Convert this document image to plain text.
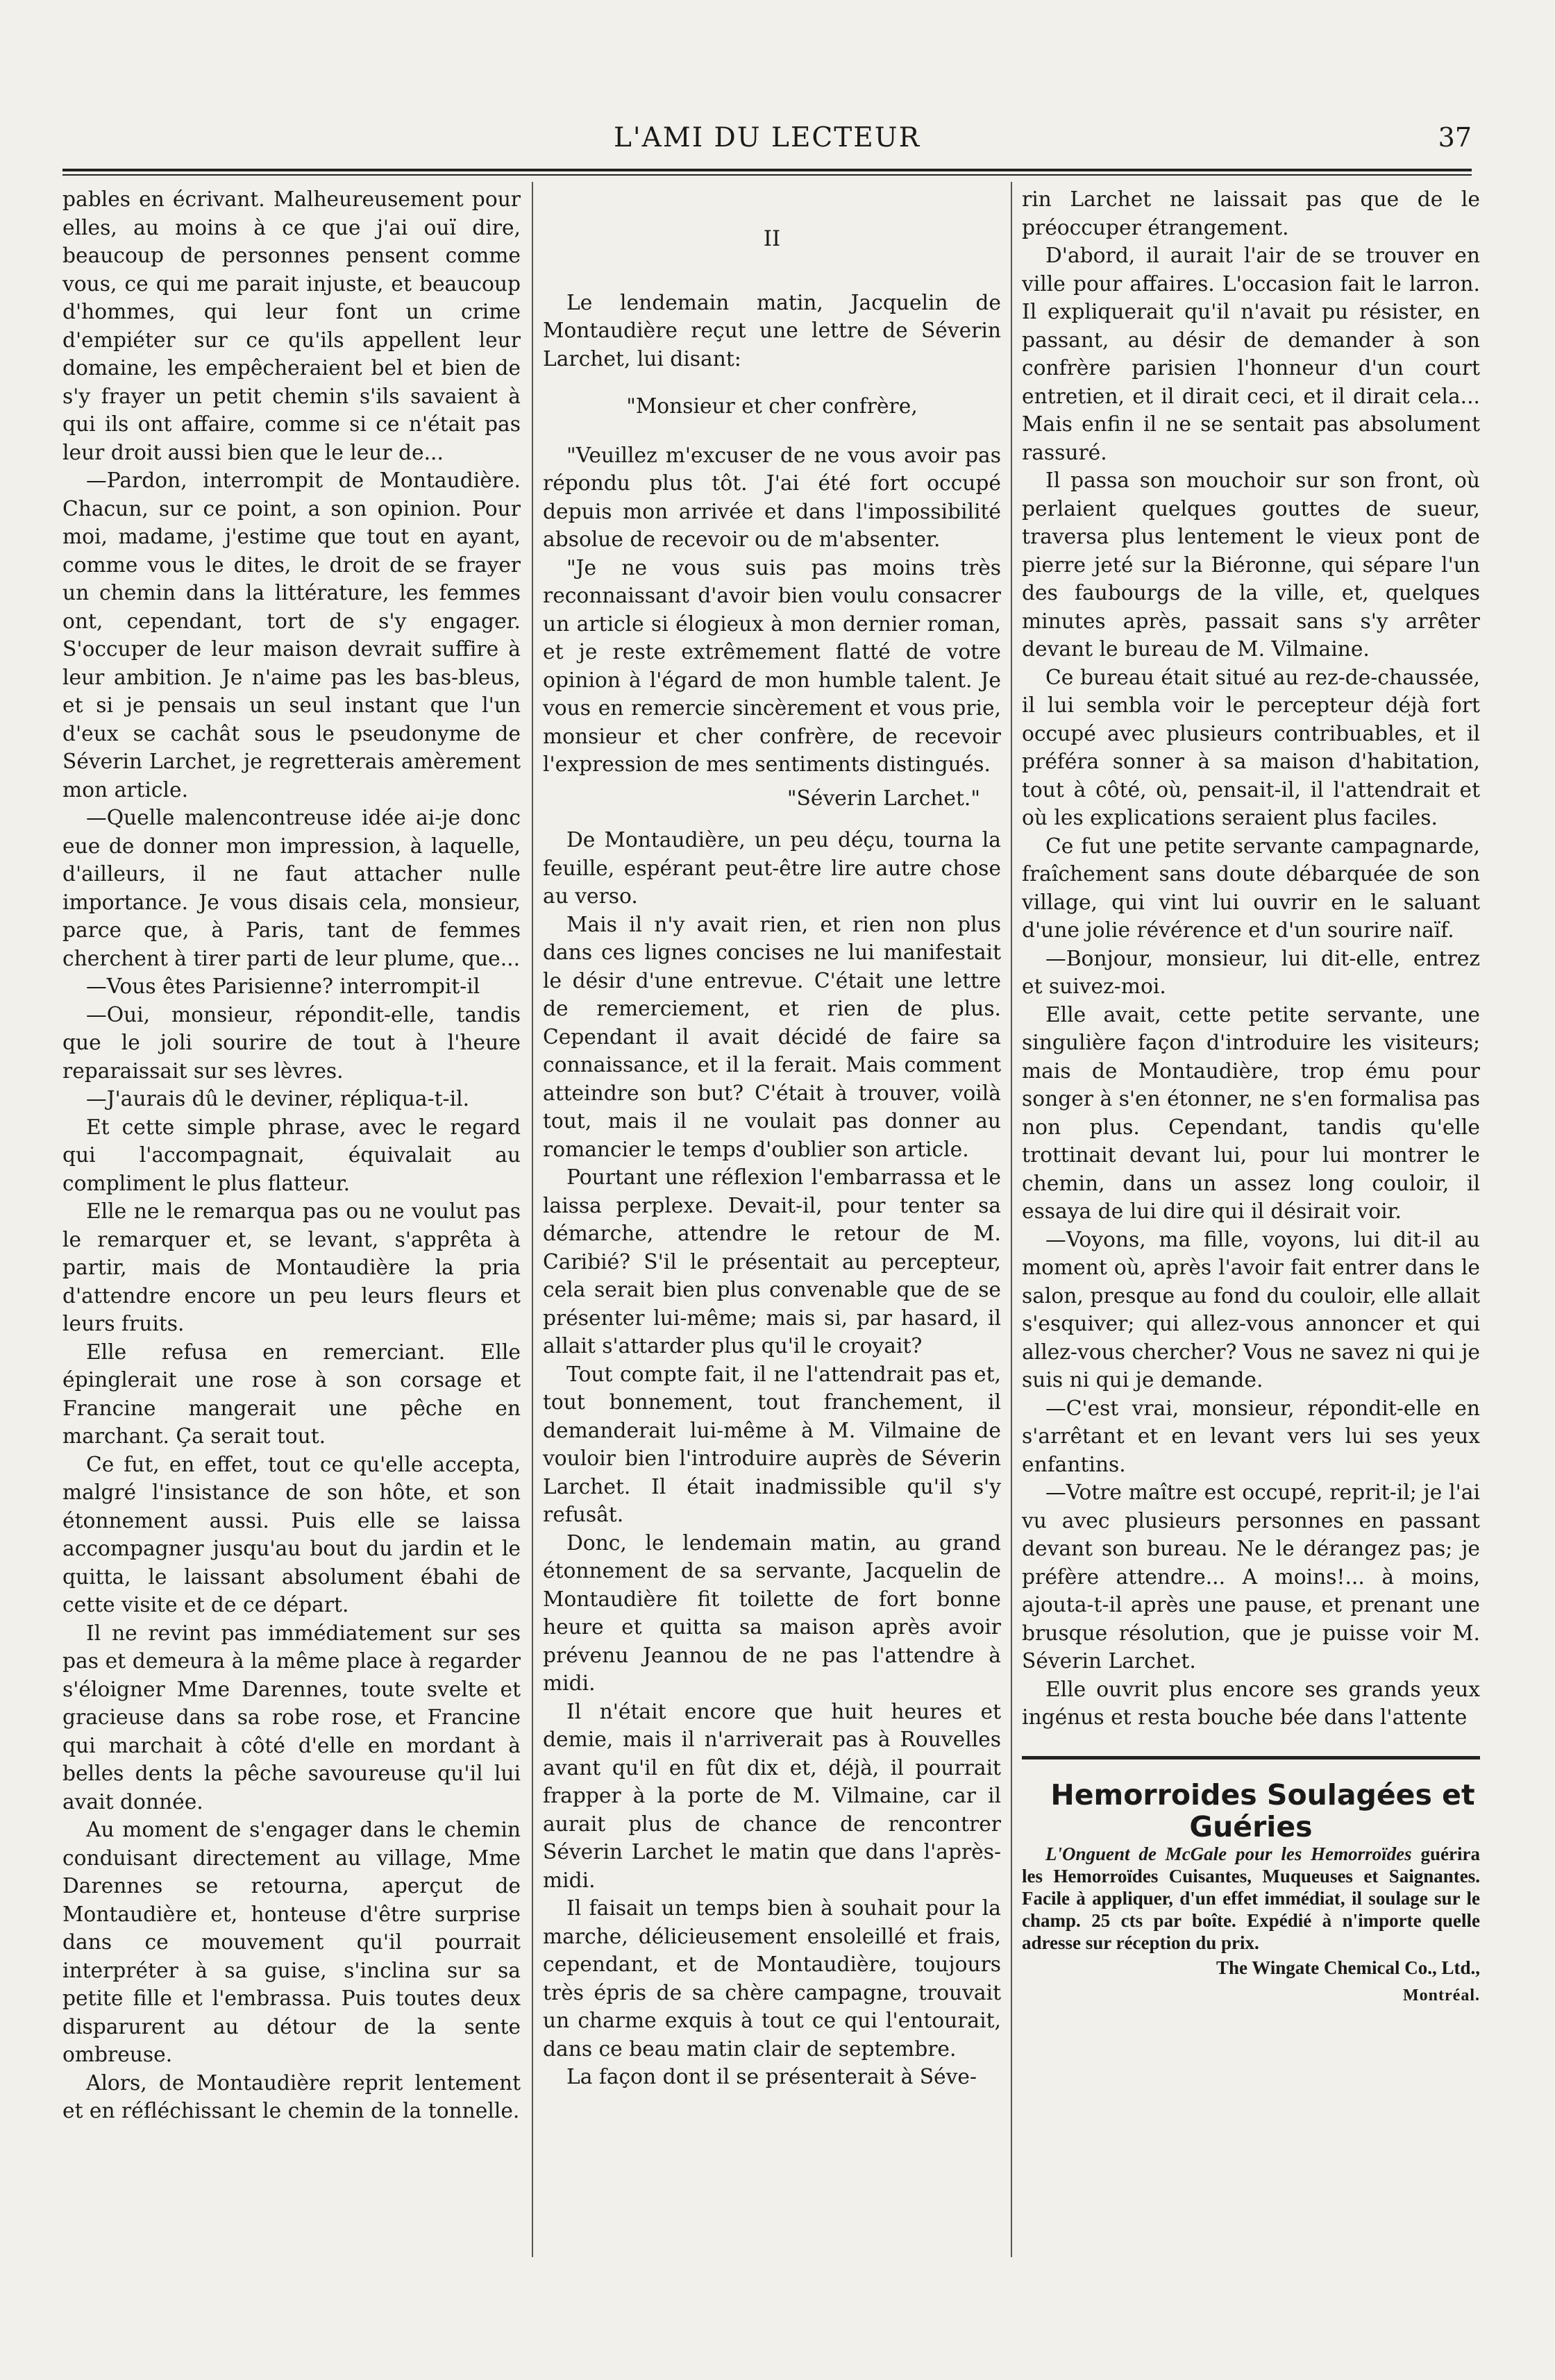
L'AMI DU LECTEUR	37

pables en écrivant. Malheureusement pour elles, au moins à ce que j'ai ouï dire, beaucoup de personnes pensent comme vous, ce qui me parait injuste, et beaucoup d'hommes, qui leur font un crime d'empiéter sur ce qu'ils appellent leur domaine, les empêcheraient bel et bien de s'y frayer un petit chemin s'ils savaient à qui ils ont affaire, comme si ce n'était pas leur droit aussi bien que le leur de...

—Pardon, interrompit de Montaudière. Chacun, sur ce point, a son opinion. Pour moi, madame, j'estime que tout en ayant, comme vous le dites, le droit de se frayer un chemin dans la littérature, les femmes ont, cependant, tort de s'y engager. S'occuper de leur maison devrait suffire à leur ambition. Je n'aime pas les bas-bleus, et si je pensais un seul instant que l'un d'eux se cachât sous le pseudonyme de Séverin Larchet, je regretterais amèrement mon article.

—Quelle malencontreuse idée ai-je donc eue de donner mon impression, à laquelle, d'ailleurs, il ne faut attacher nulle importance. Je vous disais cela, monsieur, parce que, à Paris, tant de femmes cherchent à tirer parti de leur plume, que...

—Vous êtes Parisienne? interrompit-il

—Oui, monsieur, répondit-elle, tandis que le joli sourire de tout à l'heure reparaissait sur ses lèvres.

—J'aurais dû le deviner, répliqua-t-il.

Et cette simple phrase, avec le regard qui l'accompagnait, équivalait au compliment le plus flatteur.

Elle ne le remarqua pas ou ne voulut pas le remarquer et, se levant, s'apprêta à partir, mais de Montaudière la pria d'attendre encore un peu leurs fleurs et leurs fruits.

Elle refusa en remerciant. Elle épinglerait une rose à son corsage et Francine mangerait une pêche en marchant. Ça serait tout.

Ce fut, en effet, tout ce qu'elle accepta, malgré l'insistance de son hôte, et son étonnement aussi. Puis elle se laissa accompagner jusqu'au bout du jardin et le quitta, le laissant absolument ébahi de cette visite et de ce départ.

Il ne revint pas immédiatement sur ses pas et demeura à la même place à regarder s'éloigner Mme Darennes, toute svelte et gracieuse dans sa robe rose, et Francine qui marchait à côté d'elle en mordant à belles dents la pêche savoureuse qu'il lui avait donnée.

Au moment de s'engager dans le chemin conduisant directement au village, Mme Darennes se retourna, aperçut de Montaudière et, honteuse d'être surprise dans ce mouvement qu'il pourrait interpréter à sa guise, s'inclina sur sa petite fille et l'embrassa. Puis toutes deux disparurent au détour de la sente ombreuse.

Alors, de Montaudière reprit lentement et en réfléchissant le chemin de la tonnelle.

II

Le lendemain matin, Jacquelin de Montaudière reçut une lettre de Séverin Larchet, lui disant:

"Monsieur et cher confrère,

"Veuillez m'excuser de ne vous avoir pas répondu plus tôt. J'ai été fort occupé depuis mon arrivée et dans l'impossibilité absolue de recevoir ou de m'absenter.

"Je ne vous suis pas moins très reconnaissant d'avoir bien voulu consacrer un article si élogieux à mon dernier roman, et je reste extrêmement flatté de votre opinion à l'égard de mon humble talent. Je vous en remercie sincèrement et vous prie, monsieur et cher confrère, de recevoir l'expression de mes sentiments distingués.

"Séverin Larchet."

De Montaudière, un peu déçu, tourna la feuille, espérant peut-être lire autre chose au verso.

Mais il n'y avait rien, et rien non plus dans ces lignes concises ne lui manifestait le désir d'une entrevue. C'était une lettre de remerciement, et rien de plus. Cependant il avait décidé de faire sa connaissance, et il la ferait. Mais comment atteindre son but? C'était à trouver, voilà tout, mais il ne voulait pas donner au romancier le temps d'oublier son article.

Pourtant une réflexion l'embarrassa et le laissa perplexe. Devait-il, pour tenter sa démarche, attendre le retour de M. Caribié? S'il le présentait au percepteur, cela serait bien plus convenable que de se présenter lui-même; mais si, par hasard, il allait s'attarder plus qu'il le croyait?

Tout compte fait, il ne l'attendrait pas et, tout bonnement, tout franchement, il demanderait lui-même à M. Vilmaine de vouloir bien l'introduire auprès de Séverin Larchet. Il était inadmissible qu'il s'y refusât.

Donc, le lendemain matin, au grand étonnement de sa servante, Jacquelin de Montaudière fit toilette de fort bonne heure et quitta sa maison après avoir prévenu Jeannou de ne pas l'attendre à midi.

Il n'était encore que huit heures et demie, mais il n'arriverait pas à Rouvelles avant qu'il en fût dix et, déjà, il pourrait frapper à la porte de M. Vilmaine, car il aurait plus de chance de rencontrer Séverin Larchet le matin que dans l'après-midi.

Il faisait un temps bien à souhait pour la marche, délicieusement ensoleillé et frais, cependant, et de Montaudière, toujours très épris de sa chère campagne, trouvait un charme exquis à tout ce qui l'entourait, dans ce beau matin clair de septembre.

La façon dont il se présenterait à Séve-

rin Larchet ne laissait pas que de le préoccuper étrangement.

D'abord, il aurait l'air de se trouver en ville pour affaires. L'occasion fait le larron. Il expliquerait qu'il n'avait pu résister, en passant, au désir de demander à son confrère parisien l'honneur d'un court entretien, et il dirait ceci, et il dirait cela... Mais enfin il ne se sentait pas absolument rassuré.

Il passa son mouchoir sur son front, où perlaient quelques gouttes de sueur, traversa plus lentement le vieux pont de pierre jeté sur la Biéronne, qui sépare l'un des faubourgs de la ville, et, quelques minutes après, passait sans s'y arrêter devant le bureau de M. Vilmaine.

Ce bureau était situé au rez-de-chaussée, il lui sembla voir le percepteur déjà fort occupé avec plusieurs contribuables, et il préféra sonner à sa maison d'habitation, tout à côté, où, pensait-il, il l'attendrait et où les explications seraient plus faciles.

Ce fut une petite servante campagnarde, fraîchement sans doute débarquée de son village, qui vint lui ouvrir en le saluant d'une jolie révérence et d'un sourire naïf.

—Bonjour, monsieur, lui dit-elle, entrez et suivez-moi.

Elle avait, cette petite servante, une singulière façon d'introduire les visiteurs; mais de Montaudière, trop ému pour songer à s'en étonner, ne s'en formalisa pas non plus. Cependant, tandis qu'elle trottinait devant lui, pour lui montrer le chemin, dans un assez long couloir, il essaya de lui dire qui il désirait voir.

—Voyons, ma fille, voyons, lui dit-il au moment où, après l'avoir fait entrer dans le salon, presque au fond du couloir, elle allait s'esquiver; qui allez-vous annoncer et qui allez-vous chercher? Vous ne savez ni qui je suis ni qui je demande.

—C'est vrai, monsieur, répondit-elle en s'arrêtant et en levant vers lui ses yeux enfantins.

—Votre maître est occupé, reprit-il; je l'ai vu avec plusieurs personnes en passant devant son bureau. Ne le dérangez pas; je préfère attendre... A moins!... à moins, ajouta-t-il après une pause, et prenant une brusque résolution, que je puisse voir M. Séverin Larchet.

Elle ouvrit plus encore ses grands yeux ingénus et resta bouche bée dans l'attente

Hemorroides Soulagées et Guéries

L'Onguent de McGale pour les Hemorroïdes guérira les Hemorroïdes Cuisantes, Muqueuses et Saignantes. Facile à appliquer, d'un effet immédiat, il soulage sur le champ. 25 cts par boîte. Expédié à n'importe quelle adresse sur réception du prix.

The Wingate Chemical Co., Ltd.,

Montréal.
